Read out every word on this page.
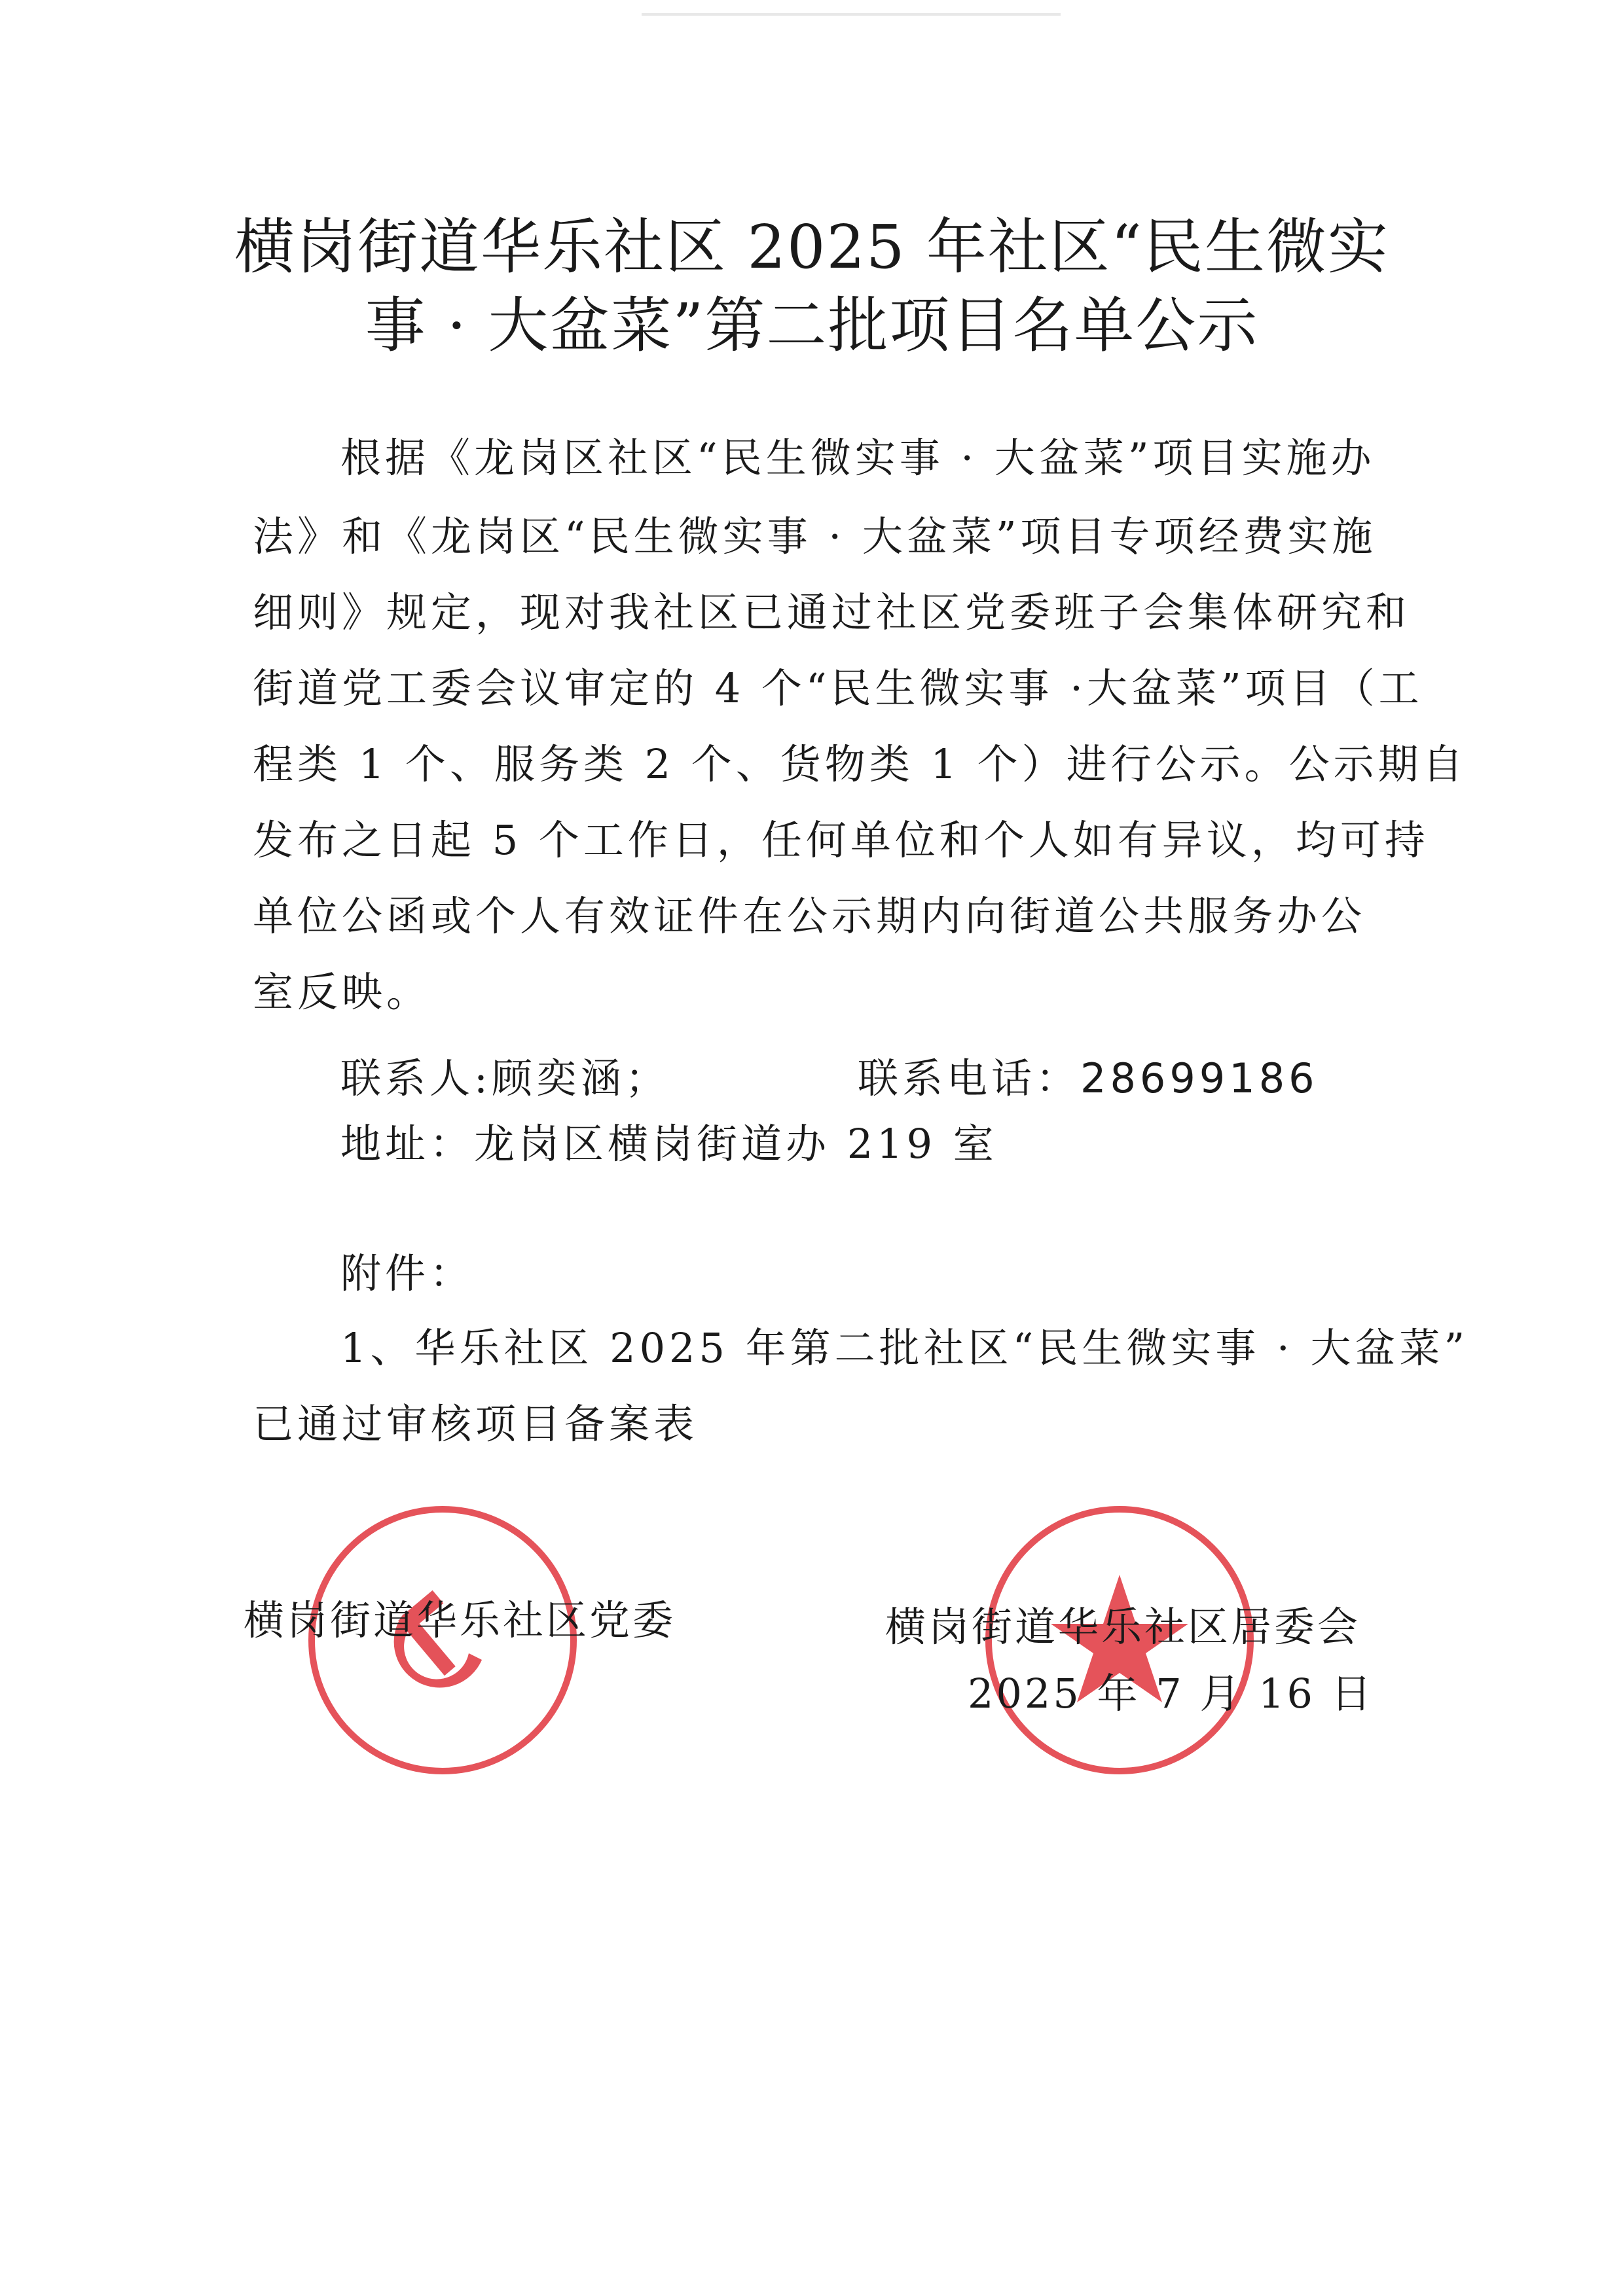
横岗街道华乐社区 2025 年社区“民生微实
事 · 大盆菜”第二批项目名单公示
根据《龙岗区社区“民生微实事 · 大盆菜”项目实施办
法》和《龙岗区“民生微实事 · 大盆菜”项目专项经费实施
细则》规定，现对我社区已通过社区党委班子会集体研究和
街道党工委会议审定的 4 个“民生微实事 ·大盆菜”项目（工
程类 1 个、服务类 2 个、货物类 1 个）进行公示。公示期自
发布之日起 5 个工作日，任何单位和个人如有异议，均可持
单位公函或个人有效证件在公示期内向街道公共服务办公
室反映。
联系人:顾奕涵；	联系电话：28699186
地址：龙岗区横岗街道办 219 室
附件：
1、华乐社区 2025 年第二批社区“民生微实事 · 大盆菜”
已通过审核项目备案表
横岗街道华乐社区党委	横岗街道华乐社区居委会
2025 年 7 月 16 日
